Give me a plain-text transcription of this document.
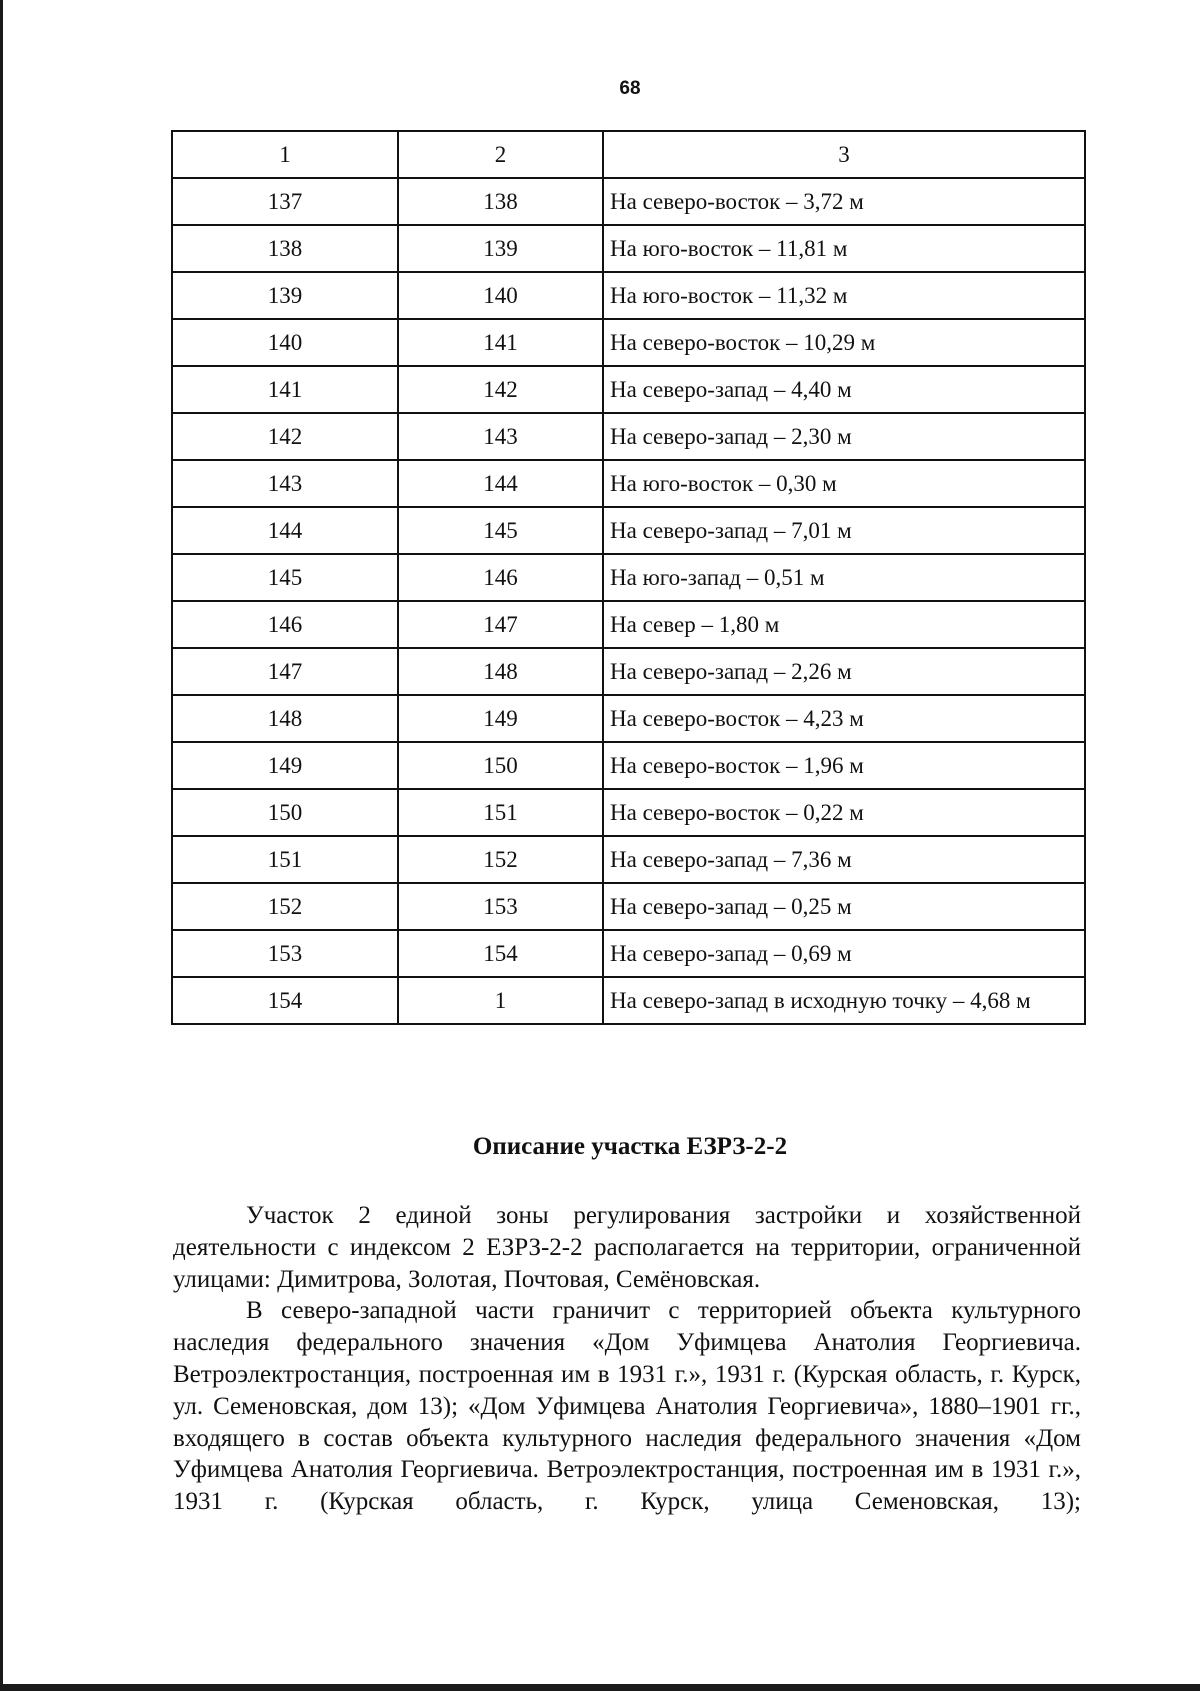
68
1	2	3
137	138	На северо-восток – 3,72 м
138	139	На юго-восток – 11,81 м
139	140	На юго-восток – 11,32 м
140	141	На северо-восток – 10,29 м
141	142	На северо-запад – 4,40 м
142	143	На северо-запад – 2,30 м
143	144	На юго-восток – 0,30 м
144	145	На северо-запад – 7,01 м
145	146	На юго-запад – 0,51 м
146	147	На север – 1,80 м
147	148	На северо-запад – 2,26 м
148	149	На северо-восток – 4,23 м
149	150	На северо-восток – 1,96 м
150	151	На северо-восток – 0,22 м
151	152	На северо-запад – 7,36 м
152	153	На северо-запад – 0,25 м
153	154	На северо-запад – 0,69 м
154	1	На северо-запад в исходную точку – 4,68 м
Описание участка ЕЗРЗ-2-2

Участок 2 единой зоны регулирования застройки и хозяйственной деятельности с индексом 2 ЕЗРЗ-2-2 располагается на территории, ограниченной улицами: Димитрова, Золотая, Почтовая, Семёновская.

В северо-западной части граничит с территорией объекта культурного наследия федерального значения «Дом Уфимцева Анатолия Георгиевича. Ветроэлектростанция, построенная им в 1931 г.», 1931 г. (Курская область, г. Курск, ул. Семеновская, дом 13); «Дом Уфимцева Анатолия Георгиевича», 1880–1901 гг., входящего в состав объекта культурного наследия федерального значения «Дом Уфимцева Анатолия Георгиевича. Ветроэлектростанция, построенная им в 1931 г.», 1931 г. (Курская область, г. Курск, улица Семеновская, 13);
